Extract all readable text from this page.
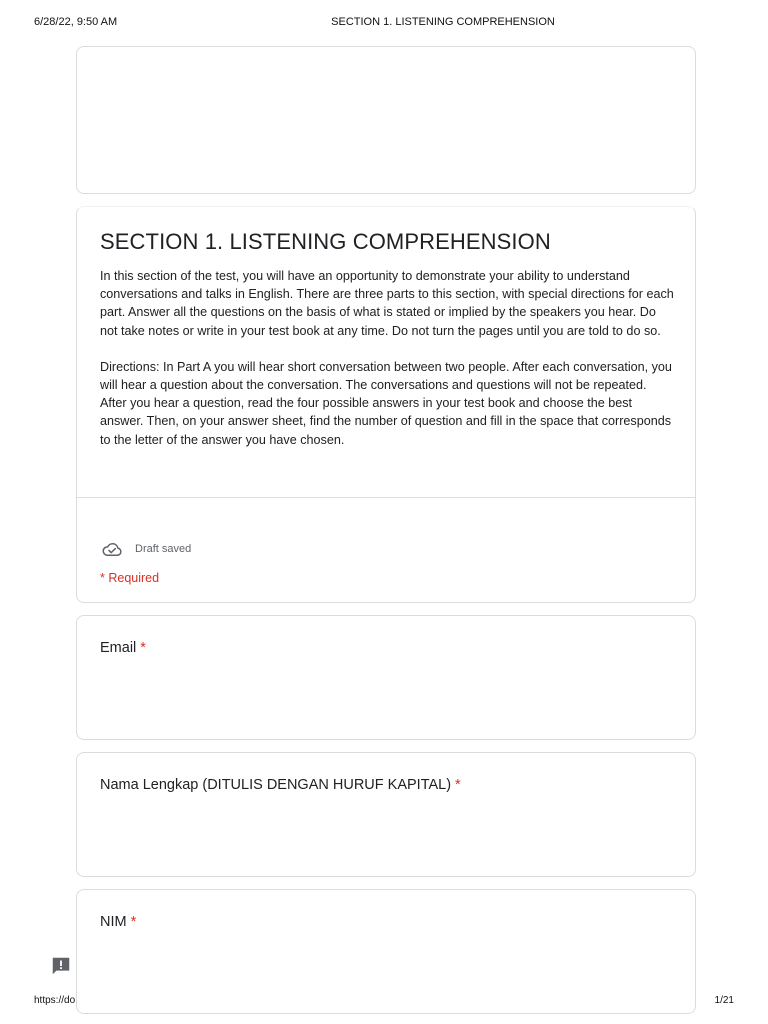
6/28/22, 9:50 AM	SECTION 1. LISTENING COMPREHENSION
SECTION 1. LISTENING COMPREHENSION

In this section of the test, you will have an opportunity to demonstrate your ability to understand conversations and talks in English. There are three parts to this section, with special directions for each part. Answer all the questions on the basis of what is stated or implied by the speakers you hear. Do not take notes or write in your test book at any time. Do not turn the pages until you are told to do so.

Directions: In Part A you will hear short conversation between two people. After each conversation, you will hear a question about the conversation. The conversations and questions will not be repeated. After you hear a question, read the four possible answers in your test book and choose the best answer. Then, on your answer sheet, find the number of question and fill in the space that corresponds to the letter of the answer you have chosen.

Draft saved
* Required
Email *
Nama Lengkap (DITULIS DENGAN HURUF KAPITAL) *
NIM *
https://do	1/21
